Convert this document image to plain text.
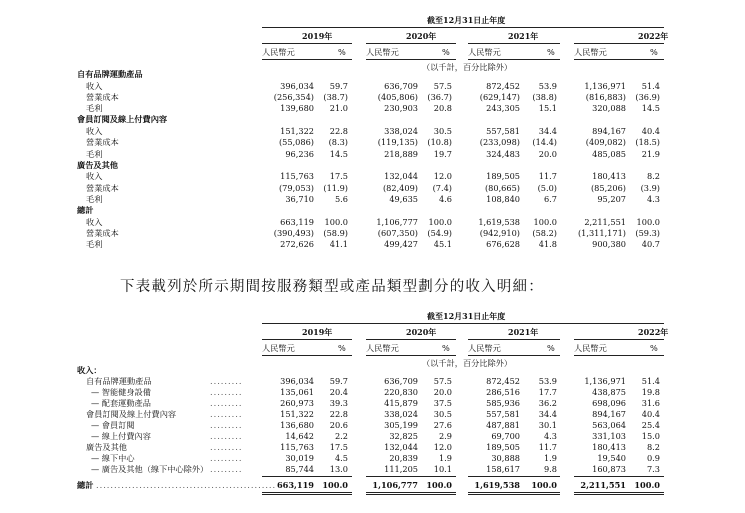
截至12月31日止年度
2019年
人民幣元	%
2020年
人民幣元	%
2021年
人民幣元	%
2022年
人民幣元	%
（以千計，百分比除外）
自有品牌運動產品
收入	396,034 59.7	636,709 57.5	872,452 53.9	1,136,971 51.4
營業成本	(256,354) (38.7)	(405,806) (36.7)	(629,147) (38.8)	(816,883) (36.9)
毛利	139,680 21.0	230,903 20.8	243,305 15.1	320,088 14.5
會員訂閱及線上付費內容
收入	151,322 22.8	338,024 30.5	557,581 34.4	894,167 40.4
營業成本	(55,086) (8.3)	(119,135) (10.8)	(233,098) (14.4)	(409,082) (18.5)
毛利	96,236 14.5	218,889 19.7	324,483 20.0	485,085 21.9
廣告及其他
收入	115,763 17.5	132,044 12.0	189,505 11.7	180,413	8.2
營業成本	(79,053) (11.9)	(82,409) (7.4)	(80,665) (5.0)	(85,206) (3.9)
毛利	36,710	5.6	49,635	4.6	108,840	6.7	95,207	4.3
總計
收入	663,119 100.0	1,106,777 100.0	1,619,538 100.0	2,211,551 100.0
營業成本	(390,493) (58.9)	(607,350) (54.9)	(942,910) (58.2)	(1,311,171) (59.3)
毛利	272,626 41.1	499,427 45.1	676,628 41.8	900,380 40.7
下表載列於所示期間按服務類型或產品類型劃分的收入明細：
截至12月31日止年度
2019年
人民幣元	%
2020年
人民幣元	%
2021年
人民幣元	%
2022年
人民幣元	%
（以千計，百分比除外）
收入：
自有品牌運動產品	.........	396,034 59.7	636,709 57.5	872,452 53.9	1,136,971 51.4
— 智能健身設備	.........	135,061 20.4	220,830 20.0	286,516 17.7	438,875 19.8
— 配套運動產品	.........	260,973 39.3	415,879 37.5	585,936 36.2	698,096 31.6
會員訂閱及線上付費內容	.........	151,322 22.8	338,024 30.5	557,581 34.4	894,167 40.4
— 會員訂閱	.........	136,680 20.6	305,199 27.6	487,881 30.1	563,064 25.4
— 線上付費內容	.........	14,642	2.2	32,825	2.9	69,700	4.3	331,103 15.0
廣告及其他	.........	115,763 17.5	132,044 12.0	189,505 11.7	180,413	8.2
— 線下中心	.........	30,019	4.5	20,839	1.9	30,888	1.9	19,540	0.9
— 廣告及其他（線下中心除外） .........	85,744 13.0	111,205 10.1	158,617	9.8	160,873	7.3
總計 .................................................. 663,119 100.0	1,106,777 100.0	1,619,538 100.0	2,211,551 100.0
